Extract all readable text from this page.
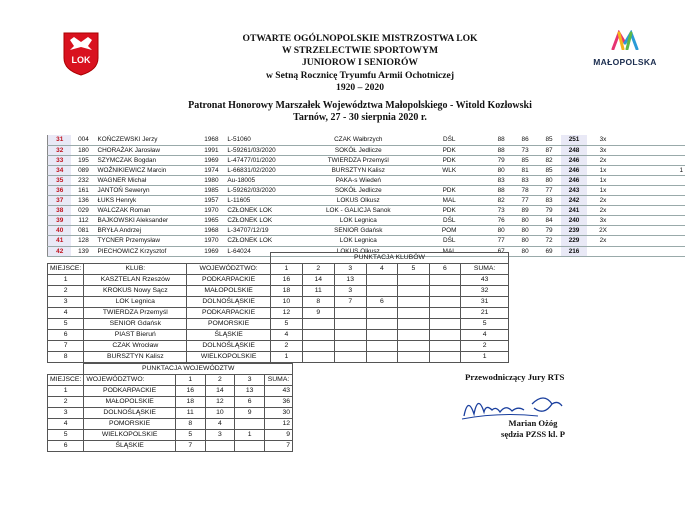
LOK	MAŁOPOLSKA
OTWARTE OGÓLNOPOLSKIE MISTRZOSTWA LOK
W STRZELECTWIE SPORTOWYM
JUNIOROW I SENIORÓW
w Setną Rocznicę Tryumfu Armii Ochotniczej
1920 – 2020
Patronat Honorowy Marszałek Województwa Małopolskiego - Witold Kozłowski
Tarnów, 27 - 30 sierpnia 2020 r.
31	004	KOŃCZEWSKI Jerzy	1968	L-51060	CZAK Wałbrzych	DŚL	88	86	85	251	3x	
32	180	CHORAŻAK Jarosław	1991	L-59261/03/2020	SOKÓŁ Jedlicze	PDK	88	73	87	248	3x	
33	195	SZYMCZAK Bogdan	1969	L-47477/01/2020	TWIERDZA Przemyśl	PDK	79	85	82	246	2x	
34	089	WOŹNIKIEWICZ Marcin	1974	L-66831/02/2020	BURSZTYN Kalisz	WLK	80	81	85	246	1x	1
35	232	WAGNER Michał	1980	Au-18005	PAKA-s Wiedeń		83	83	80	246	1x	
36	161	JANTOŃ Seweryn	1985	L-59262/03/2020	SOKÓŁ Jedlicze	PDK	88	78	77	243	1x	
37	136	ŁUKS Henryk	1957	L-11605	LOKUS Olkusz	MAL	82	77	83	242	2x	
38	029	WALCZAK Roman	1970	CZŁONEK LOK	LOK - GALICJA Sanok	PDK	73	89	79	241	2x	
39	112	BAJKOWSKI Aleksander	1965	CZŁONEK LOK	LOK Legnica	DŚL	76	80	84	240	3x	
40	081	BRYŁA Andrzej	1968	L-34707/12/19	SENIOR Gdańsk	POM	80	80	79	239	2X	
41	128	TYCNER Przemysław	1970	CZŁONEK LOK	LOK Legnica	DŚL	77	80	72	229	2x	
42	139	PIECHOWICZ Krzysztof	1969	L-64024	LOKUS Olkusz	MAL	67	80	69	216		
			PUNKTACJA KLUBÓW						
MIEJSCE:	KLUB:	WOJEWÓDZTWO:	1	2	3	4	5	6	SUMA:
1	KASZTELAN Rzeszów	PODKARPACKIE	16	14	13				43
2	KROKUS Nowy Sącz	MAŁOPOLSKIE	18	11	3				32
3	LOK Legnica	DOLNOŚLĄSKIE	10	8	7	6			31
4	TWIERDZA Przemyśl	PODKARPACKIE	12	9					21
5	SENIOR Gdańsk	POMORSKIE	5						5
6	PIAST Bieruń	ŚLĄSKIE	4						4
7	CZAK Wrocław	DOLNOŚLĄSKIE	2						2
8	BURSZTYN Kalisz	WIELKOPOLSKIE	1						1
	PUNKTACJA WOJEWÓDZTW				
MIEJSCE:	WOJEWÓDZTWO:	1	2	3	SUMA:
1	PODKARPACKIE	16	14	13	43
2	MAŁOPOLSKIE	18	12	6	36
3	DOLNOŚLĄSKIE	11	10	9	30
4	POMORSKIE	8	4		12
5	WIELKOPOLSKIE	5	3	1	9
6	ŚLĄSKIE	7			7
Przewodniczący Jury RTS
Marian Ożóg
sędzia PZSS kl. P
